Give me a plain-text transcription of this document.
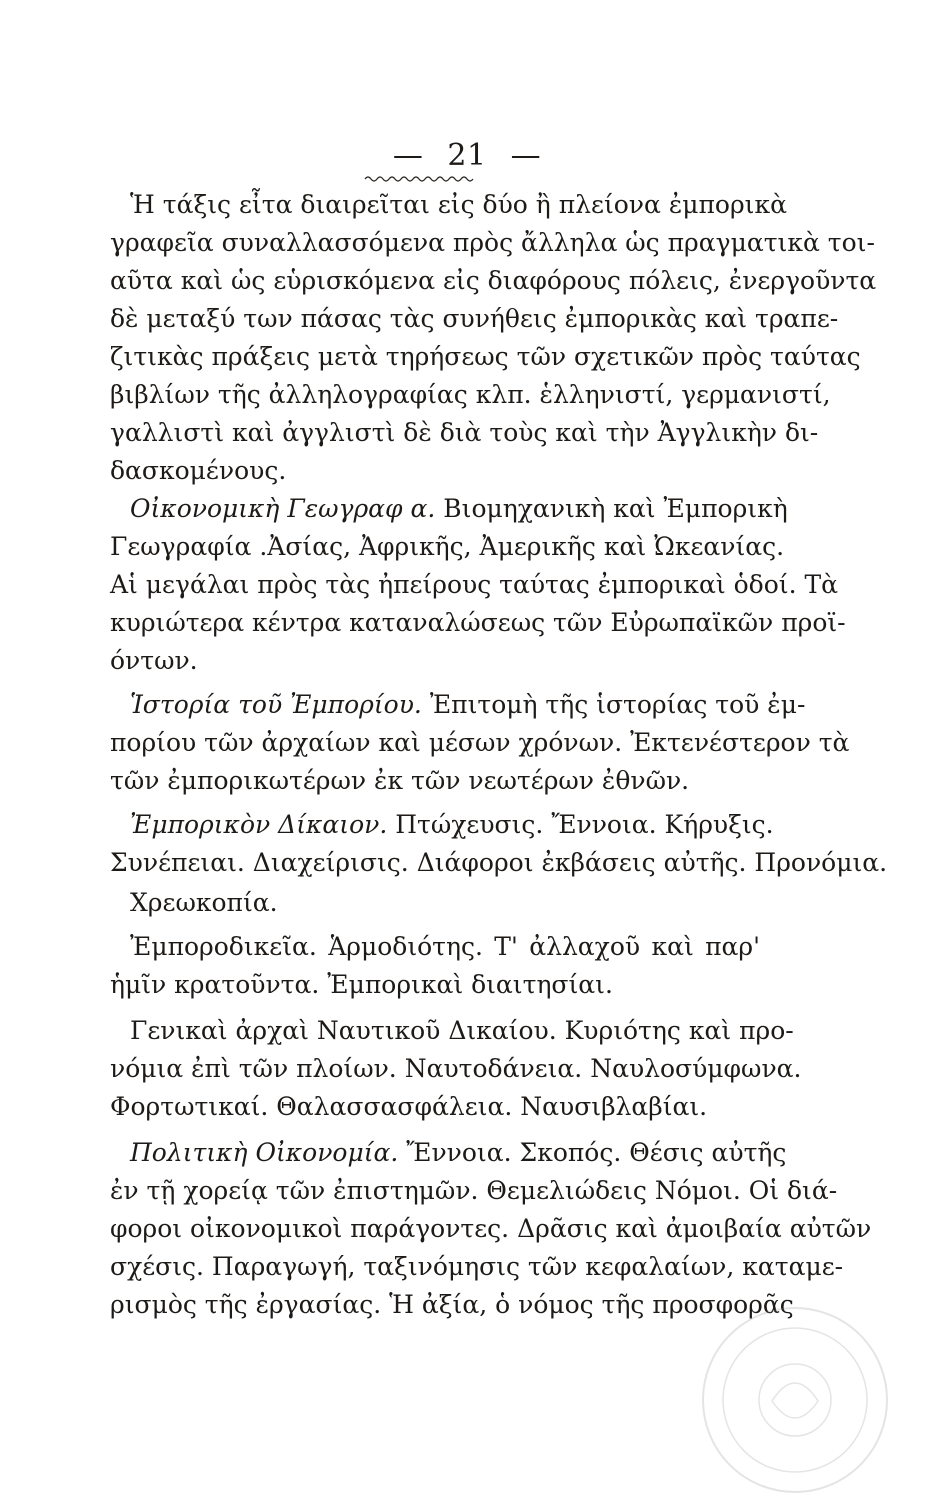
— 21 —
Ἡ τάξις εἶτα διαιρεῖται εἰς δύο ἢ πλείονα ἐμπορικὰ
γραφεῖα συναλλασσόμενα πρὸς ἄλληλα ὡς πραγματικὰ τοι-
αῦτα καὶ ὡς εὑρισκόμενα εἰς διαφόρους πόλεις, ἐνεργοῦντα
δὲ μεταξύ των πάσας τὰς συνήθεις ἐμπορικὰς καὶ τραπε-
ζιτικὰς πράξεις μετὰ τηρήσεως τῶν σχετικῶν πρὸς ταύτας
βιβλίων τῆς ἀλληλογραφίας κλπ. ἑλληνιστί, γερμανιστί,
γαλλιστὶ καὶ ἀγγλιστὶ δὲ διὰ τοὺς καὶ τὴν Ἀγγλικὴν δι-
δασκομένους.
Οἰκονομικὴ Γεωγραφ α. Βιομηχανικὴ καὶ Ἐμπορικὴ
Γεωγραφία .Ἀσίας, Ἀφρικῆς, Ἀμερικῆς καὶ Ὠκεανίας.
Αἱ μεγάλαι πρὸς τὰς ἠπείρους ταύτας ἐμπορικαὶ ὁδοί. Τὰ
κυριώτερα κέντρα καταναλώσεως τῶν Εὐρωπαϊκῶν προϊ-
όντων.
Ἱστορία τοῦ Ἐμπορίου. Ἐπιτομὴ τῆς ἱστορίας τοῦ ἐμ-
πορίου τῶν ἀρχαίων καὶ μέσων χρόνων. Ἐκτενέστερον τὰ
τῶν ἐμπορικωτέρων ἐκ τῶν νεωτέρων ἐθνῶν.
Ἐμπορικὸν Δίκαιον. Πτώχευσις. Ἔννοια. Κήρυξις.
Συνέπειαι. Διαχείρισις. Διάφοροι ἐκβάσεις αὐτῆς. Προνόμια.
Χρεωκοπία.
Ἐμποροδικεῖα. Ἁρμοδιότης. Τ' ἀλλαχοῦ καὶ παρ'
ἡμῖν κρατοῦντα. Ἐμπορικαὶ διαιτησίαι.
Γενικαὶ ἀρχαὶ Ναυτικοῦ Δικαίου. Κυριότης καὶ προ-
νόμια ἐπὶ τῶν πλοίων. Ναυτοδάνεια. Ναυλοσύμφωνα.
Φορτωτικαί. Θαλασσασφάλεια. Ναυσιβλαβίαι.
Πολιτικὴ Οἰκονομία. Ἔννοια. Σκοπός. Θέσις αὐτῆς
ἐν τῇ χορείᾳ τῶν ἐπιστημῶν. Θεμελιώδεις Νόμοι. Οἱ διά-
φοροι οἰκονομικοὶ παράγοντες. Δρᾶσις καὶ ἀμοιβαία αὐτῶν
σχέσις. Παραγωγή, ταξινόμησις τῶν κεφαλαίων, καταμε-
ρισμὸς τῆς ἐργασίας. Ἡ ἀξία, ὁ νόμος τῆς προσφορᾶς
